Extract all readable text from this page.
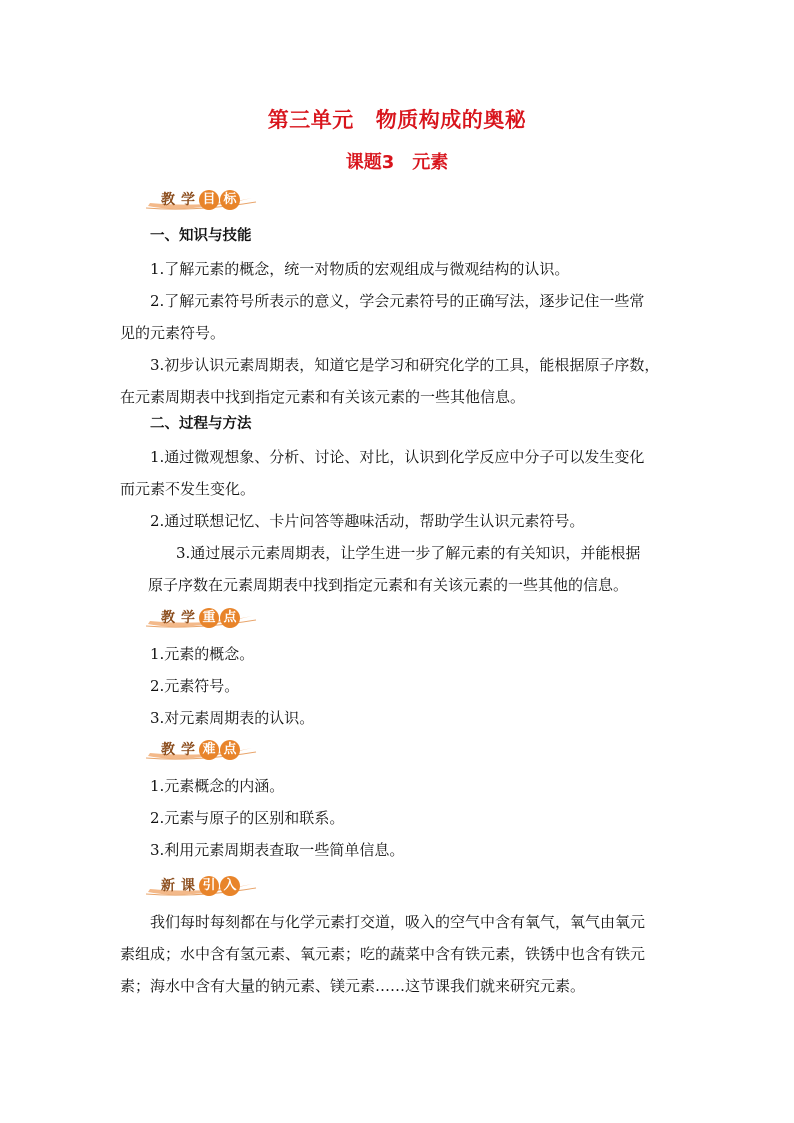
第三单元 物质构成的奥秘
课题3 元素
教 学 目 标
一、知识与技能
1.了解元素的概念，统一对物质的宏观组成与微观结构的认识。
2.了解元素符号所表示的意义，学会元素符号的正确写法，逐步记住一些常
见的元素符号。
3.初步认识元素周期表，知道它是学习和研究化学的工具，能根据原子序数，
在元素周期表中找到指定元素和有关该元素的一些其他信息。
二、过程与方法
1.通过微观想象、分析、讨论、对比，认识到化学反应中分子可以发生变化
而元素不发生变化。
2.通过联想记忆、卡片问答等趣味活动，帮助学生认识元素符号。
3.通过展示元素周期表，让学生进一步了解元素的有关知识，并能根据
原子序数在元素周期表中找到指定元素和有关该元素的一些其他的信息。
教 学 重 点
1.元素的概念。
2.元素符号。
3.对元素周期表的认识。
教 学 难 点
1.元素概念的内涵。
2.元素与原子的区别和联系。
3.利用元素周期表查取一些简单信息。
新 课 引 入
我们每时每刻都在与化学元素打交道，吸入的空气中含有氧气，氧气由氧元
素组成；水中含有氢元素、氧元素；吃的蔬菜中含有铁元素，铁锈中也含有铁元
素；海水中含有大量的钠元素、镁元素……这节课我们就来研究元素。
